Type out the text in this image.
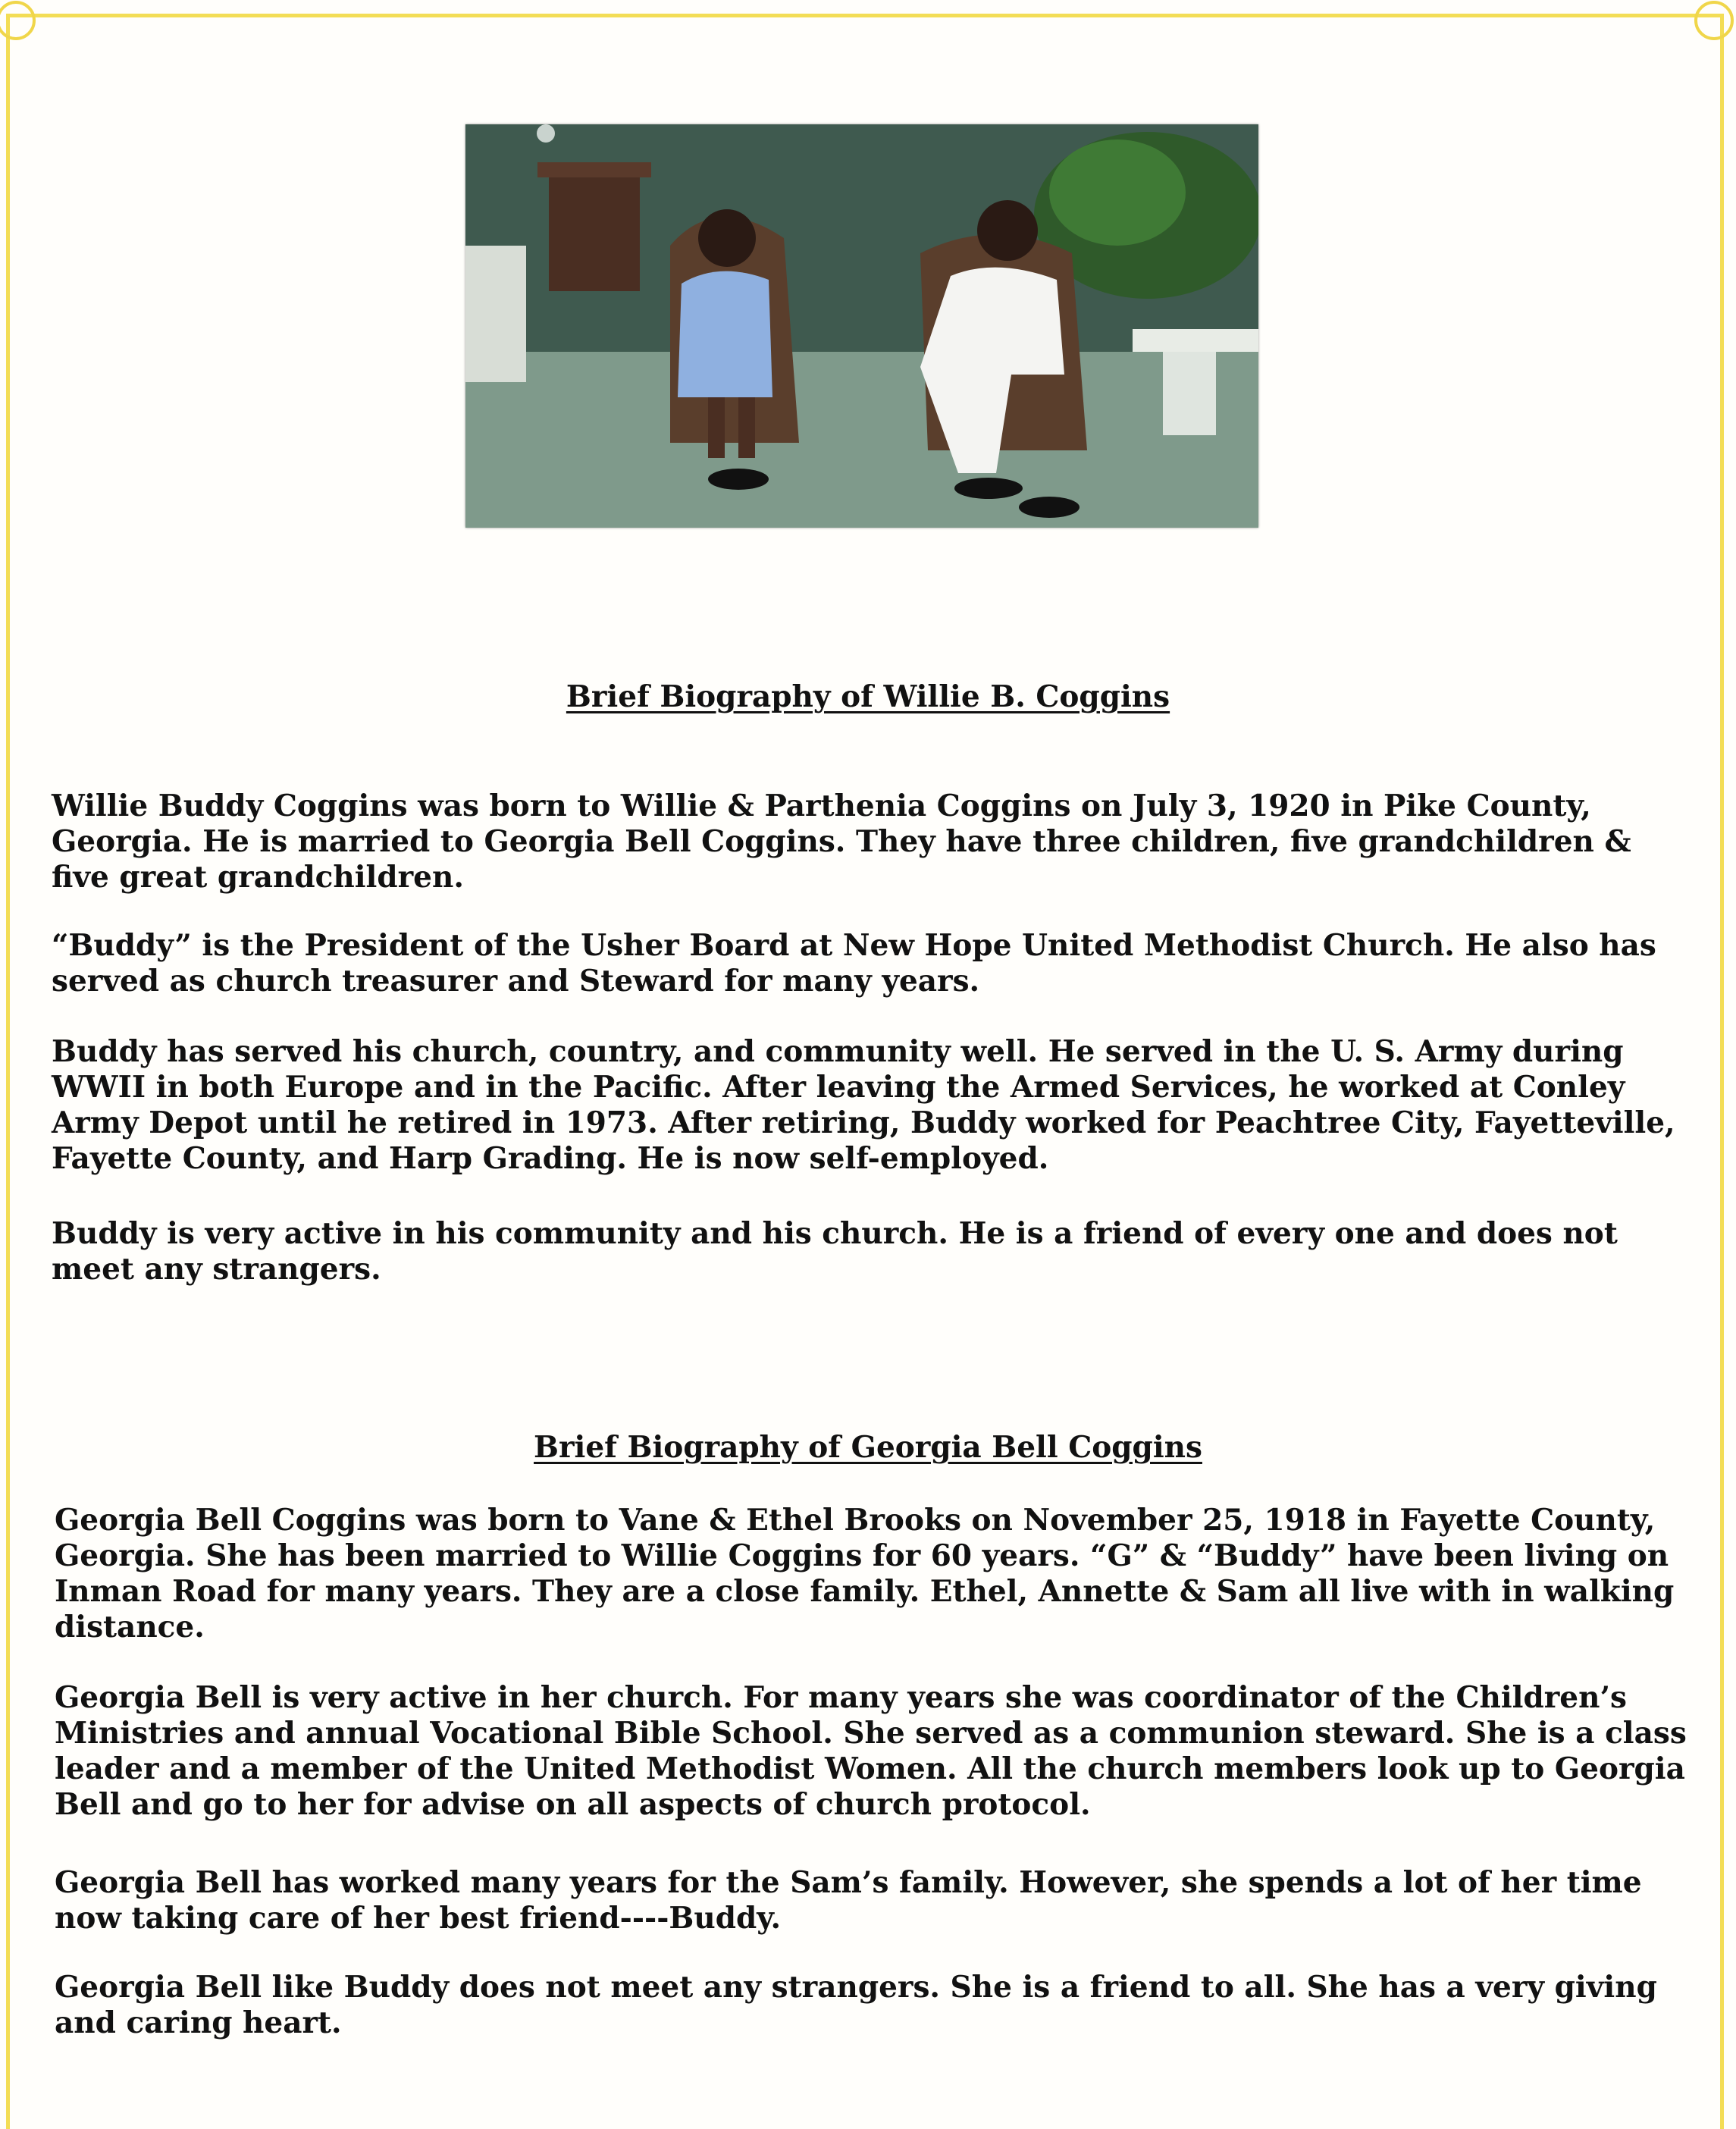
Brief Biography of Willie B. Coggins

Willie Buddy Coggins was born to Willie & Parthenia Coggins on July 3, 1920 in Pike County, Georgia. He is married to Georgia Bell Coggins. They have three children, five grandchildren & five great grandchildren.

“Buddy” is the President of the Usher Board at New Hope United Methodist Church. He also has served as church treasurer and Steward for many years.

Buddy has served his church, country, and community well. He served in the U. S. Army during WWII in both Europe and in the Pacific. After leaving the Armed Services, he worked at Conley Army Depot until he retired in 1973. After retiring, Buddy worked for Peachtree City, Fayetteville, Fayette County, and Harp Grading. He is now self-employed.

Buddy is very active in his community and his church. He is a friend of every one and does not meet any strangers.

Brief Biography of Georgia Bell Coggins

Georgia Bell Coggins was born to Vane & Ethel Brooks on November 25, 1918 in Fayette County, Georgia. She has been married to Willie Coggins for 60 years. “G” & “Buddy” have been living on Inman Road for many years. They are a close family. Ethel, Annette & Sam all live with in walking distance.

Georgia Bell is very active in her church. For many years she was coordinator of the Children’s Ministries and annual Vocational Bible School. She served as a communion steward. She is a class leader and a member of the United Methodist Women. All the church members look up to Georgia Bell and go to her for advise on all aspects of church protocol.

Georgia Bell has worked many years for the Sam’s family. However, she spends a lot of her time now taking care of her best friend----Buddy.

Georgia Bell like Buddy does not meet any strangers. She is a friend to all. She has a very giving and caring heart.
